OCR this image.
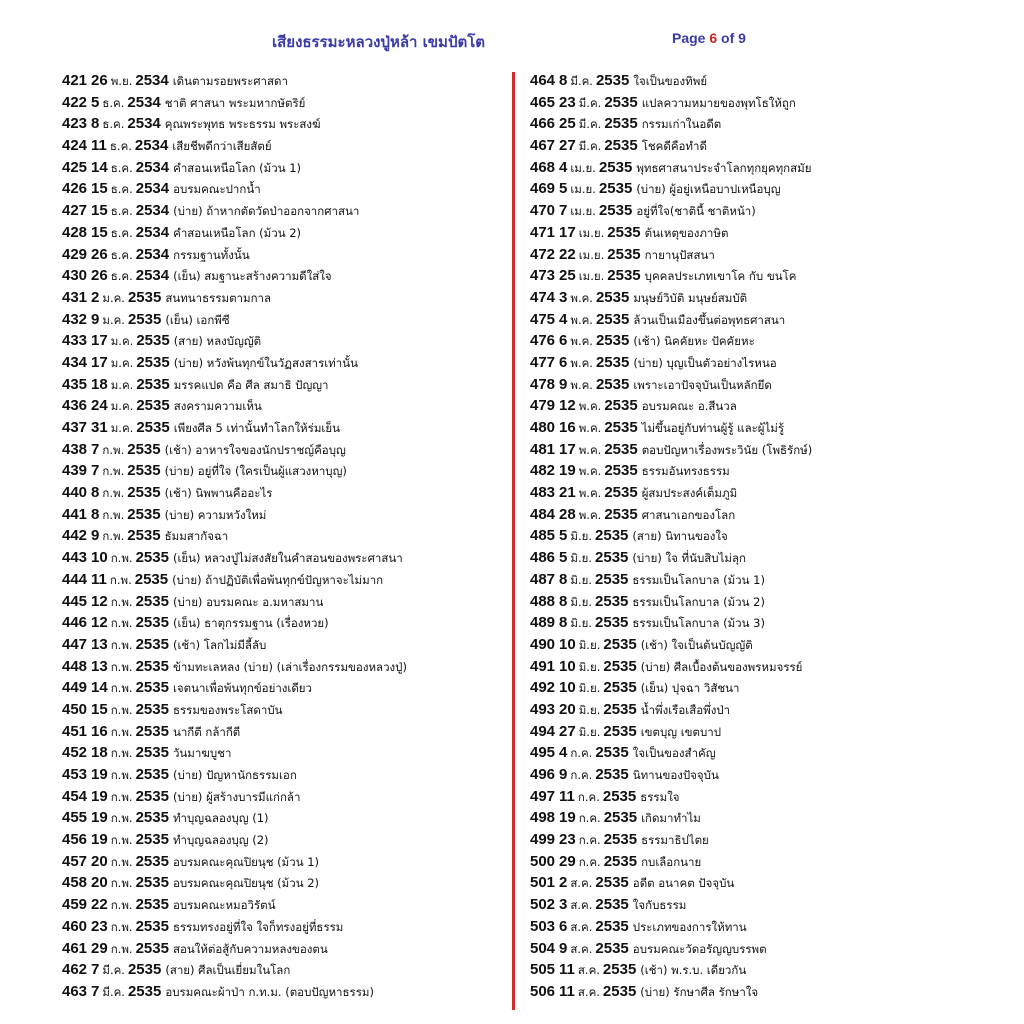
เสียงธรรมะหลวงปู่หล้า เขมปัตโต	Page 6 of 9
421 26 พ.ย. 2534 เดินตามรอยพระศาสดา
422 5 ธ.ค. 2534 ชาติ ศาสนา พระมหากษัตริย์
423 8 ธ.ค. 2534 คุณพระพุทธ พระธรรม พระสงฆ์
424 11 ธ.ค. 2534 เสียชีพดีกว่าเสียสัตย์
425 14 ธ.ค. 2534 คำสอนเหนือโลก (ม้วน 1)
426 15 ธ.ค. 2534 อบรมคณะปากน้ำ
427 15 ธ.ค. 2534 (บ่าย) ถ้าหากตัดวัดป่าออกจากศาสนา
428 15 ธ.ค. 2534 คำสอนเหนือโลก (ม้วน 2)
429 26 ธ.ค. 2534 กรรมฐานทั้งนั้น
430 26 ธ.ค. 2534 (เย็น) สมฐานะสร้างความดีใส่ใจ
431 2 ม.ค. 2535 สนทนาธรรมตามกาล
432 9 ม.ค. 2535 (เย็น) เอกพีซี
433 17 ม.ค. 2535 (สาย) หลงบัญญัติ
434 17 ม.ค. 2535 (บ่าย) หวังพ้นทุกข์ในวัฏสงสารเท่านั้น
435 18 ม.ค. 2535 มรรคแปด คือ ศีล สมาธิ ปัญญา
436 24 ม.ค. 2535 สงครามความเห็น
437 31 ม.ค. 2535 เพียงศีล 5 เท่านั้นทำโลกให้ร่มเย็น
438 7 ก.พ. 2535 (เช้า) อาหารใจของนักปราชญ์คือบุญ
439 7 ก.พ. 2535 (บ่าย) อยู่ที่ใจ (ใครเป็นผู้แสวงหาบุญ)
440 8 ก.พ. 2535 (เช้า) นิพพานคืออะไร
441 8 ก.พ. 2535 (บ่าย) ความหวังใหม่
442 9 ก.พ. 2535 ธัมมสากัจฉา
443 10 ก.พ. 2535 (เย็น) หลวงปู่ไม่สงสัยในคำสอนของพระศาสนา
444 11 ก.พ. 2535 (บ่าย) ถ้าปฏิบัติเพื่อพ้นทุกข์ปัญหาจะไม่มาก
445 12 ก.พ. 2535 (บ่าย) อบรมคณะ อ.มหาสมาน
446 12 ก.พ. 2535 (เย็น) ธาตุกรรมฐาน (เรื่องหวย)
447 13 ก.พ. 2535 (เช้า) โลกไม่มีลี้ลับ
448 13 ก.พ. 2535 ข้ามทะเลหลง (บ่าย) (เล่าเรื่องกรรมของหลวงปู่)
449 14 ก.พ. 2535 เจตนาเพื่อพ้นทุกข์อย่างเดียว
450 15 ก.พ. 2535 ธรรมของพระโสดาบัน
451 16 ก.พ. 2535 นากีตี กล้ากีตี
452 18 ก.พ. 2535 วันมาฆบูชา
453 19 ก.พ. 2535 (บ่าย) ปัญหานักธรรมเอก
454 19 ก.พ. 2535 (บ่าย) ผู้สร้างบารมีแก่กล้า
455 19 ก.พ. 2535 ทำบุญฉลองบุญ (1)
456 19 ก.พ. 2535 ทำบุญฉลองบุญ (2)
457 20 ก.พ. 2535 อบรมคณะคุณปิยนุช (ม้วน 1)
458 20 ก.พ. 2535 อบรมคณะคุณปิยนุช (ม้วน 2)
459 22 ก.พ. 2535 อบรมคณะหมอวิรัตน์
460 23 ก.พ. 2535 ธรรมทรงอยู่ที่ใจ ใจก็ทรงอยู่ที่ธรรม
461 29 ก.พ. 2535 สอนให้ต่อสู้กับความหลงของตน
462 7 มี.ค. 2535 (สาย) ศีลเป็นเยี่ยมในโลก
463 7 มี.ค. 2535 อบรมคณะผ้าป่า ก.ท.ม. (ตอบปัญหาธรรม)
464 8 มี.ค. 2535 ใจเป็นของทิพย์
465 23 มี.ค. 2535 แปลความหมายของพุทโธให้ถูก
466 25 มี.ค. 2535 กรรมเก่าในอดีต
467 27 มี.ค. 2535 โชคดีคือทำดี
468 4 เม.ย. 2535 พุทธศาสนาประจำโลกทุกยุคทุกสมัย
469 5 เม.ย. 2535 (บ่าย) ผู้อยู่เหนือบาปเหนือบุญ
470 7 เม.ย. 2535 อยู่ที่ใจ(ชาตินี้ ชาติหน้า)
471 17 เม.ย. 2535 ต้นเหตุของภาษิต
472 22 เม.ย. 2535 กายานุปัสสนา
473 25 เม.ย. 2535 บุคคลประเภทเขาโค กับ ขนโค
474 3 พ.ค. 2535 มนุษย์วิบัติ มนุษย์สมบัติ
475 4 พ.ค. 2535 ล้วนเป็นเมืองขึ้นต่อพุทธศาสนา
476 6 พ.ค. 2535 (เช้า) นิคคัยหะ ปัคคัยหะ
477 6 พ.ค. 2535 (บ่าย) บุญเป็นตัวอย่างไรหนอ
478 9 พ.ค. 2535 เพราะเอาปัจจุบันเป็นหลักยึด
479 12 พ.ค. 2535 อบรมคณะ อ.สีนวล
480 16 พ.ค. 2535 ไม่ขึ้นอยู่กับท่านผู้รู้ และผู้ไม่รู้
481 17 พ.ค. 2535 ตอบปัญหาเรื่องพระวินัย (โพธิรักษ์)
482 19 พ.ค. 2535 ธรรมอันทรงธรรม
483 21 พ.ค. 2535 ผู้สมประสงค์เต็มภูมิ
484 28 พ.ค. 2535 ศาสนาเอกของโลก
485 5 มิ.ย. 2535 (สาย) นิทานของใจ
486 5 มิ.ย. 2535 (บ่าย) ใจ ที่นับสิบไม่ลุก
487 8 มิ.ย. 2535 ธรรมเป็นโลกบาล (ม้วน 1)
488 8 มิ.ย. 2535 ธรรมเป็นโลกบาล (ม้วน 2)
489 8 มิ.ย. 2535 ธรรมเป็นโลกบาล (ม้วน 3)
490 10 มิ.ย. 2535 (เช้า) ใจเป็นต้นบัญญัติ
491 10 มิ.ย. 2535 (บ่าย) ศีลเบื้องต้นของพรหมจรรย์
492 10 มิ.ย. 2535 (เย็น) ปุจฉา วิสัชนา
493 20 มิ.ย. 2535 น้ำพึ่งเรือเสือพึ่งป่า
494 27 มิ.ย. 2535 เขตบุญ เขตบาป
495 4 ก.ค. 2535 ใจเป็นของสำคัญ
496 9 ก.ค. 2535 นิทานของปัจจุบัน
497 11 ก.ค. 2535 ธรรมใจ
498 19 ก.ค. 2535 เกิดมาทำไม
499 23 ก.ค. 2535 ธรรมาธิปไตย
500 29 ก.ค. 2535 กบเลือกนาย
501 2 ส.ค. 2535 อดีต อนาคต ปัจจุบัน
502 3 ส.ค. 2535 ใจกับธรรม
503 6 ส.ค. 2535 ประเภทของการให้ทาน
504 9 ส.ค. 2535 อบรมคณะวัดอรัญญบรรพต
505 11 ส.ค. 2535 (เช้า) พ.ร.บ. เดียวกัน
506 11 ส.ค. 2535 (บ่าย) รักษาศีล รักษาใจ
